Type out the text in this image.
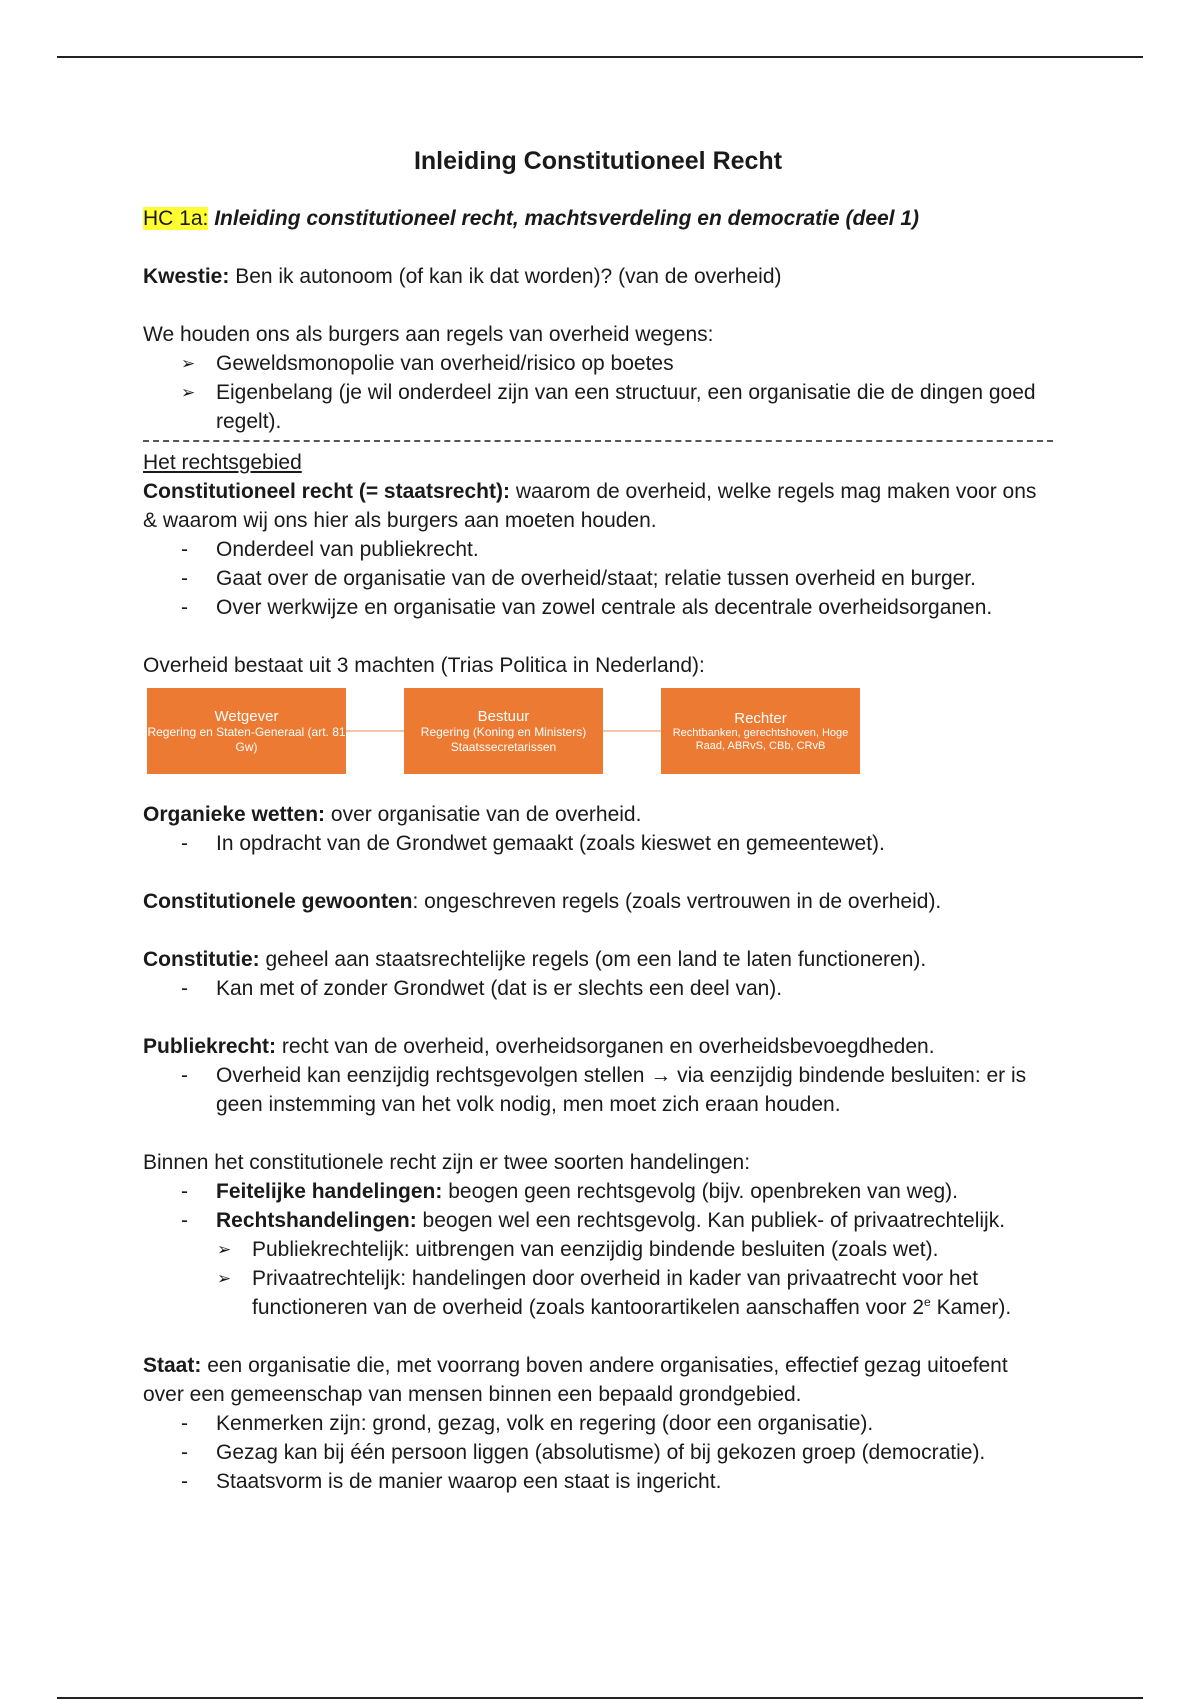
Inleiding Constitutioneel Recht

HC 1a: Inleiding constitutioneel recht, machtsverdeling en democratie (deel 1)

Kwestie: Ben ik autonoom (of kan ik dat worden)? (van de overheid)

We houden ons als burgers aan regels van overheid wegens:

➢ Geweldsmonopolie van overheid/risico op boetes
➢ Eigenbelang (je wil onderdeel zijn van een structuur, een organisatie die de dingen goed regelt).

Het rechtsgebied

Constitutioneel recht (= staatsrecht): waarom de overheid, welke regels mag maken voor ons & waarom wij ons hier als burgers aan moeten houden.

- Onderdeel van publiekrecht.
- Gaat over de organisatie van de overheid/staat; relatie tussen overheid en burger.
- Over werkwijze en organisatie van zowel centrale als decentrale overheidsorganen.

Overheid bestaat uit 3 machten (Trias Politica in Nederland):

Wetgever
Regering en Staten-Generaal (art. 81 Gw)
Bestuur
Regering (Koning en Ministers)
Staatssecretarissen
Rechter
Rechtbanken, gerechtshoven, Hoge Raad, ABRvS, CBb, CRvB

Organieke wetten: over organisatie van de overheid.

- In opdracht van de Grondwet gemaakt (zoals kieswet en gemeentewet).

Constitutionele gewoonten: ongeschreven regels (zoals vertrouwen in de overheid).

Constitutie: geheel aan staatsrechtelijke regels (om een land te laten functioneren).

- Kan met of zonder Grondwet (dat is er slechts een deel van).

Publiekrecht: recht van de overheid, overheidsorganen en overheidsbevoegdheden.

- Overheid kan eenzijdig rechtsgevolgen stellen → via eenzijdig bindende besluiten: er is geen instemming van het volk nodig, men moet zich eraan houden.

Binnen het constitutionele recht zijn er twee soorten handelingen:

- Feitelijke handelingen: beogen geen rechtsgevolg (bijv. openbreken van weg).
- Rechtshandelingen: beogen wel een rechtsgevolg. Kan publiek- of privaatrechtelijk.
➢ Publiekrechtelijk: uitbrengen van eenzijdig bindende besluiten (zoals wet).
➢ Privaatrechtelijk: handelingen door overheid in kader van privaatrecht voor het functioneren van de overheid (zoals kantoorartikelen aanschaffen voor 2e Kamer).

Staat: een organisatie die, met voorrang boven andere organisaties, effectief gezag uitoefent over een gemeenschap van mensen binnen een bepaald grondgebied.

- Kenmerken zijn: grond, gezag, volk en regering (door een organisatie).
- Gezag kan bij één persoon liggen (absolutisme) of bij gekozen groep (democratie).
- Staatsvorm is de manier waarop een staat is ingericht.
